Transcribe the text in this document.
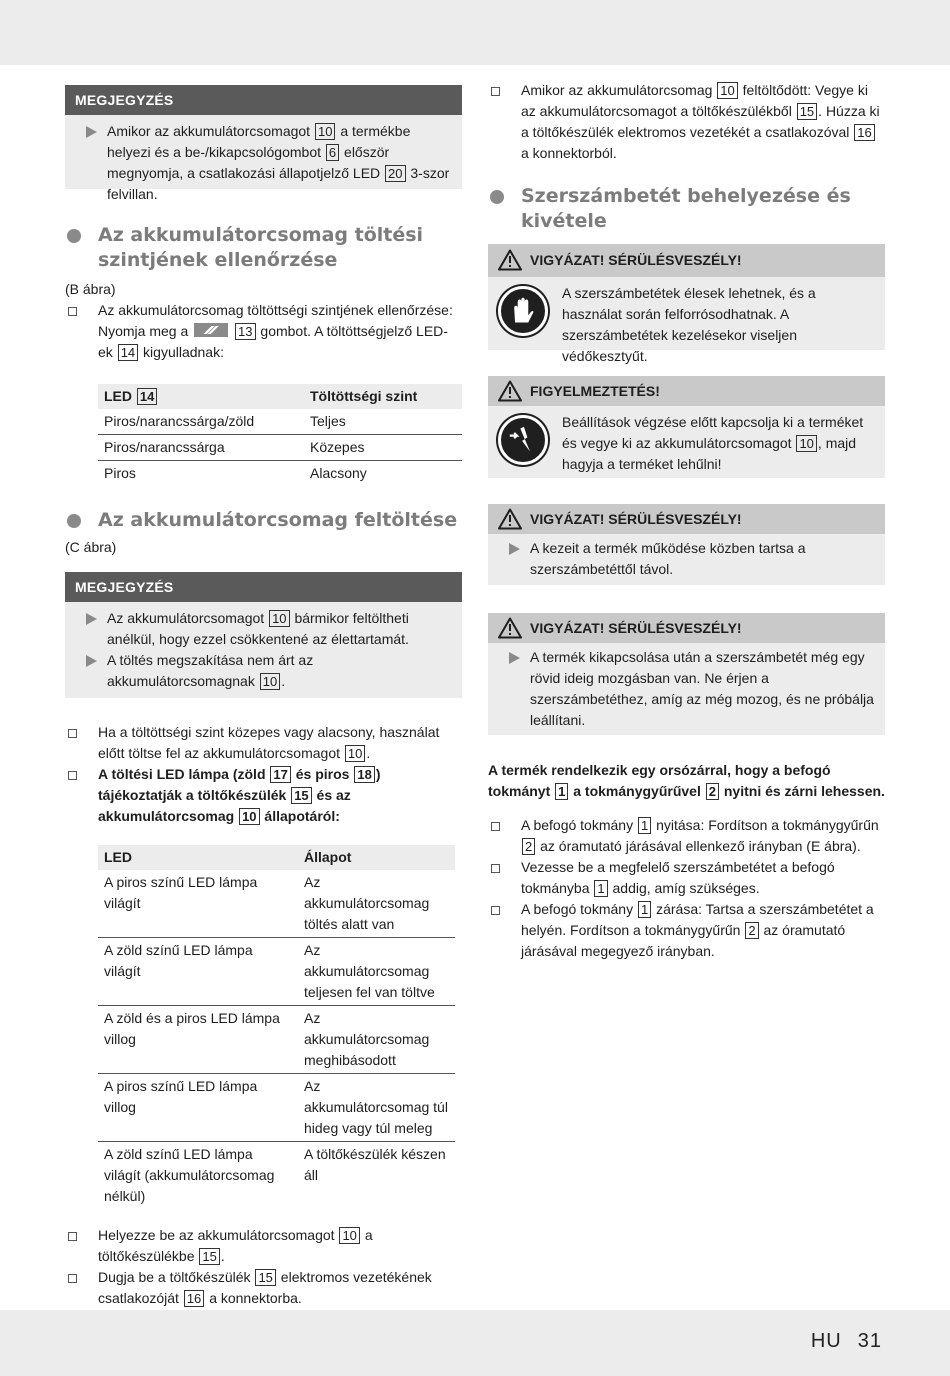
MEGJEGYZÉS
Amikor az akkumulátorcsomagot 10 a termékbe helyezi és a be-/kikapcsológombot 6 először megnyomja, a csatlakozási állapotjelző LED 20 3-szor felvillan.
Az akkumulátorcsomag töltési szintjének ellenőrzése
(B ábra)
Az akkumulátorcsomag töltöttségi szintjének ellenőrzése: Nyomja meg a	13 gombot. A töltöttségjelző LED-ek 14 kigyulladnak:
LED 14	Töltöttségi szint
Piros/narancssárga/zöld	Teljes
Piros/narancssárga	Közepes
Piros	Alacsony
Az akkumulátorcsomag feltöltése
(C ábra)
MEGJEGYZÉS
Az akkumulátorcsomagot 10 bármikor feltöltheti anélkül, hogy ezzel csökkentené az élettartamát.
A töltés megszakítása nem árt az akkumulátorcsomagnak 10 .
Ha a töltöttségi szint közepes vagy alacsony, használat előtt töltse fel az akkumulátorcsomagot 10 .
A töltési LED lámpa (zöld 17 és piros 18 ) tájékoztatják a töltőkészülék 15 és az akkumulátorcsomag 10 állapotáról:
LED	Állapot
A piros színű LED lámpa világít	Az akkumulátorcsomag töltés alatt van
A zöld színű LED lámpa világít	Az akkumulátorcsomag teljesen fel van töltve
A zöld és a piros LED lámpa villog	Az akkumulátorcsomag meghibásodott
A piros színű LED lámpa villog	Az akkumulátorcsomag túl hideg vagy túl meleg
A zöld színű LED lámpa világít (akkumulátorcsomag nélkül)	A töltőkészülék készen áll
Helyezze be az akkumulátorcsomagot 10 a töltőkészülékbe 15 .
Dugja be a töltőkészülék 15 elektromos vezetékének csatlakozóját 16 a konnektorba.
Amikor az akkumulátorcsomag 10 feltöltődött: Vegye ki az akkumulátorcsomagot a töltőkészülékből 15 . Húzza ki a töltőkészülék elektromos vezetékét a csatlakozóval 16 a konnektorból.
Szerszámbetét behelyezése és kivétele
VIGYÁZAT! SÉRÜLÉSVESZÉLY!
A szerszámbetétek élesek lehetnek, és a használat során felforrósodhatnak. A szerszámbetétek kezelésekor viseljen védőkesztyűt.
FIGYELMEZTETÉS!
Beállítások végzése előtt kapcsolja ki a terméket és vegye ki az akkumulátorcsomagot 10 , majd hagyja a terméket lehűlni!
VIGYÁZAT! SÉRÜLÉSVESZÉLY!
A kezeit a termék működése közben tartsa a szerszámbetéttől távol.
VIGYÁZAT! SÉRÜLÉSVESZÉLY!
A termék kikapcsolása után a szerszámbetét még egy rövid ideig mozgásban van. Ne érjen a szerszámbetéthez, amíg az még mozog, és ne próbálja leállítani.
A termék rendelkezik egy orsózárral, hogy a befogó tokmányt 1 a tokmánygyűrűvel 2 nyitni és zárni lehessen.
A befogó tokmány 1 nyitása: Fordítson a tokmánygyűrűn 2 az óramutató járásával ellenkező irányban (E ábra).
Vezesse be a megfelelő szerszámbetétet a befogó tokmányba 1 addig, amíg szükséges.
A befogó tokmány 1 zárása: Tartsa a szerszámbetétet a helyén. Fordítson a tokmánygyűrűn 2 az óramutató járásával megegyező irányban.
HU 31
